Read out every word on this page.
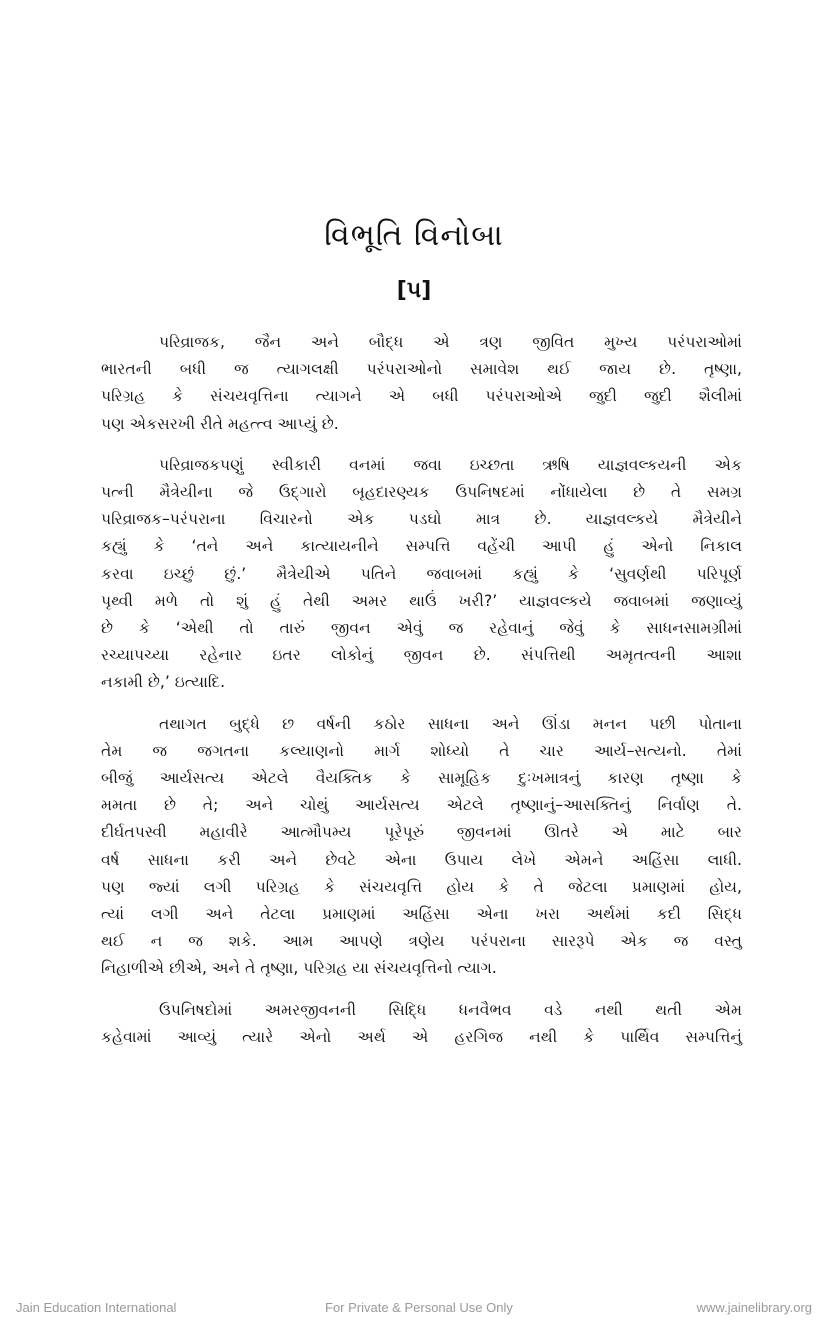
વિભૂતિ વિનોબા
[૫]

પરિવ્રાજક, જૈન અને બૌદ્ધ એ ત્રણ જીવિત મુખ્ય પરંપરાઓમાં
ભારતની બધી જ ત્યાગલક્ષી પરંપરાઓનો સમાવેશ થઈ જાય છે. તૃષ્ણા,
પરિગ્રહ કે સંચયવૃત્તિના ત્યાગને એ બધી પરંપરાઓએ જુદી જુદી શૈલીમાં
પણ એકસરખી રીતે મહત્ત્વ આપ્યું છે.

પરિવ્રાજકપણું સ્વીકારી વનમાં જવા ઇચ્છતા ઋષિ યાજ્ઞવલ્કયની એક
પત્ની મૈત્રેયીના જે ઉદ્ગારો બૃહદારણ્યક ઉપનિષદમાં નોંધાયેલા છે તે સમગ્ર
પરિવ્રાજક–પરંપરાના વિચારનો એક પડઘો માત્ર છે. યાજ્ઞવલ્કયે મૈત્રેયીને
કહ્યું કે ‘તને અને કાત્યાયનીને સમ્પત્તિ વહેંચી આપી હું એનો નિકાલ
કરવા ઇચ્છું છું.’ મૈત્રેયીએ પતિને જવાબમાં કહ્યું કે ‘સુવર્ણથી પરિપૂર્ણ
પૃથ્વી મળે તો શું હું તેથી અમર થાઉં ખરી?’ યાજ્ઞવલ્કયે જવાબમાં જણાવ્યું
છે કે ‘એથી તો તારું જીવન એવું જ રહેવાનું જેવું કે સાધનસામગ્રીમાં
રચ્યાપચ્યા રહેનાર ઇતર લોકોનું જીવન છે. સંપત્તિથી અમૃતત્વની આશા
નકામી છે,’ ઇત્યાદિ.

તથાગત બુદ્ધે છ વર્ષની કઠોર સાધના અને ઊંડા મનન પછી પોતાના
તેમ જ જગતના કલ્યાણનો માર્ગ શોધ્યો તે ચાર આર્ય–સત્યનો. તેમાં
બીજું આર્યસત્ય એટલે વૈયક્તિક કે સામૂહિક દુઃખમાત્રનું કારણ તૃષ્ણા કે
મમતા છે તે; અને ચોથું આર્યસત્ય એટલે તૃષ્ણાનું–આસક્તિનું નિર્વાણ તે.
દીર્ઘતપસ્વી મહાવીરે આત્મૌપમ્ય પૂરેપૂરું જીવનમાં ઊતરે એ માટે બાર
વર્ષ સાધના કરી અને છેવટે એના ઉપાય લેખે એમને અહિંસા લાધી.
પણ જ્યાં લગી પરિગ્રહ કે સંચયવૃત્તિ હોય કે તે જેટલા પ્રમાણમાં હોય,
ત્યાં લગી અને તેટલા પ્રમાણમાં અહિંસા એના ખરા અર્થમાં કદી સિદ્ધ
થઈ ન જ શકે. આમ આપણે ત્રણેય પરંપરાના સારરૂપે એક જ વસ્તુ
નિહાળીએ છીએ, અને તે તૃષ્ણા, પરિગ્રહ યા સંચયવૃત્તિનો ત્યાગ.

ઉપનિષદોમાં અમરજીવનની સિદ્ધિ ધનવૈભવ વડે નથી થતી એમ
કહેવામાં આવ્યું ત્યારે એનો અર્થ એ હરગિજ નથી કે પાર્થિવ સમ્પત્તિનું

Jain Education International	For Private & Personal Use Only	www.jainelibrary.org
